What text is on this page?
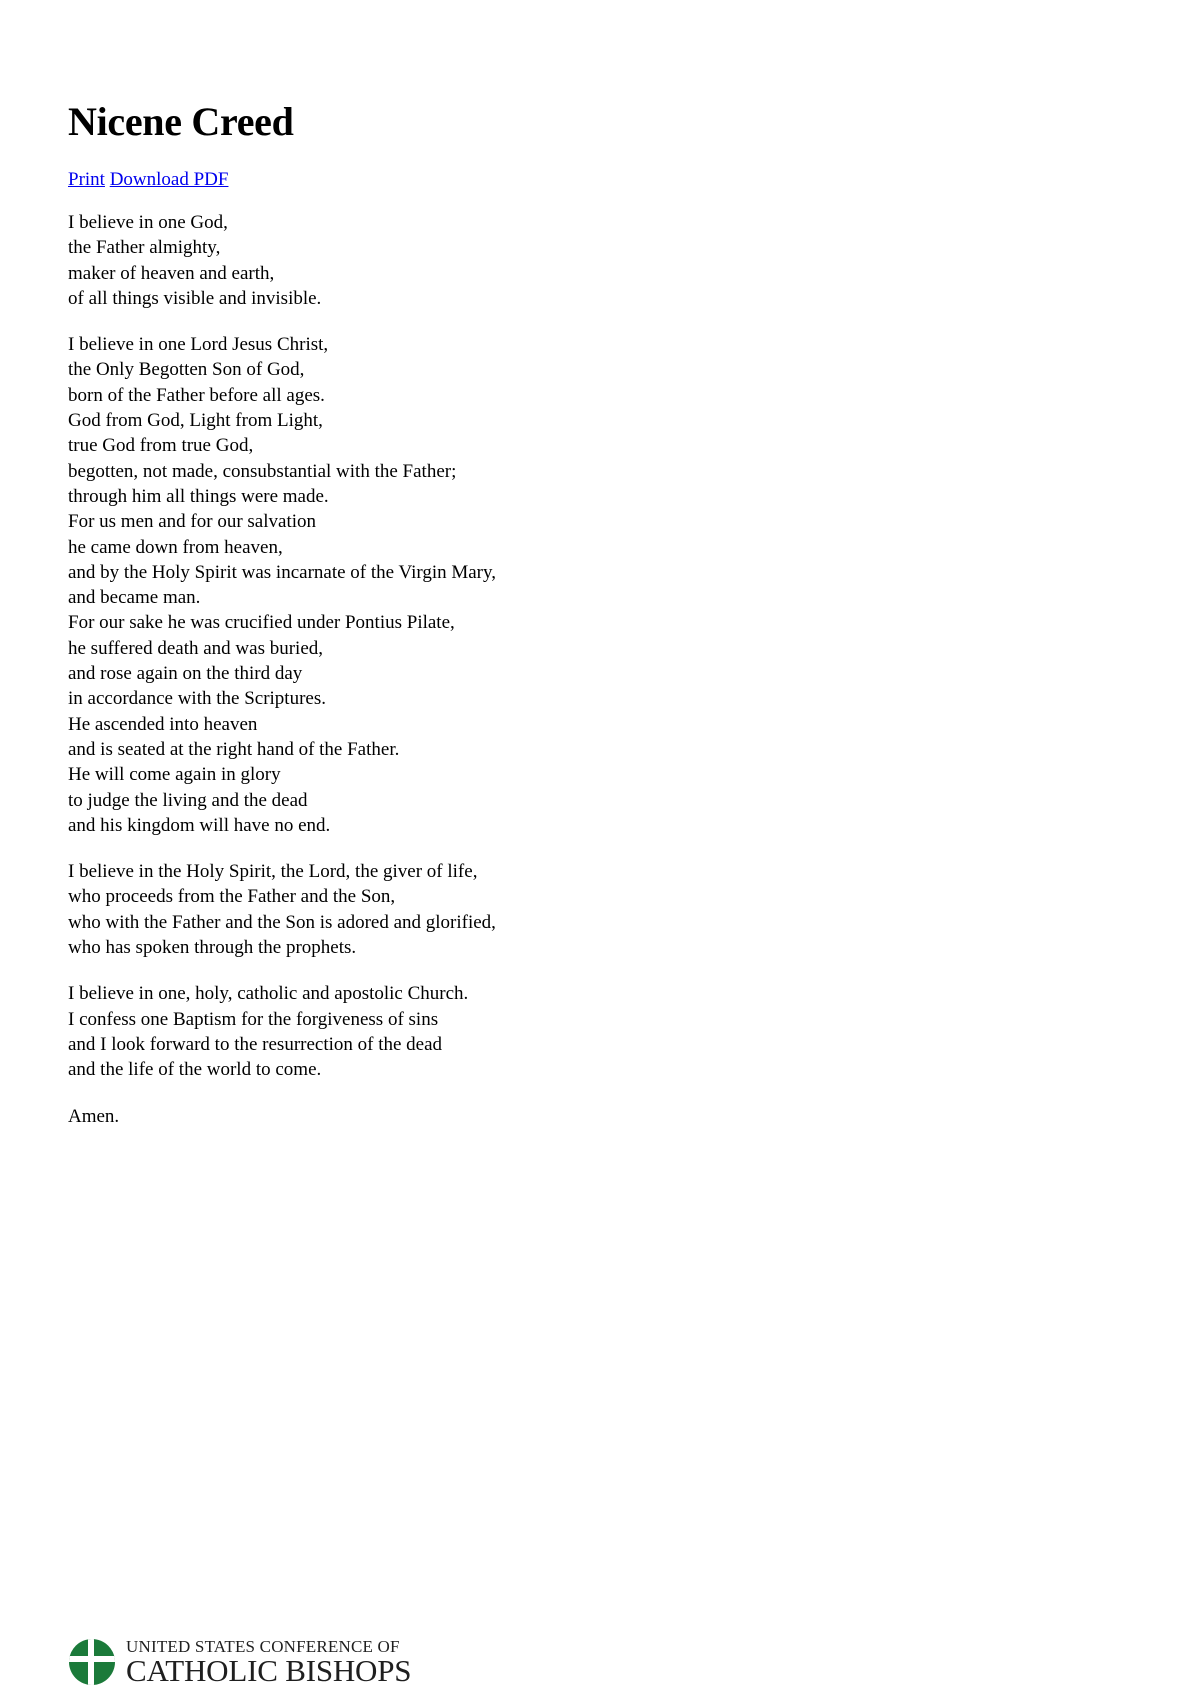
Nicene Creed
Print Download PDF
I believe in one God,
the Father almighty,
maker of heaven and earth,
of all things visible and invisible.
I believe in one Lord Jesus Christ,
the Only Begotten Son of God,
born of the Father before all ages.
God from God, Light from Light,
true God from true God,
begotten, not made, consubstantial with the Father;
through him all things were made.
For us men and for our salvation
he came down from heaven,
and by the Holy Spirit was incarnate of the Virgin Mary,
and became man.
For our sake he was crucified under Pontius Pilate,
he suffered death and was buried,
and rose again on the third day
in accordance with the Scriptures.
He ascended into heaven
and is seated at the right hand of the Father.
He will come again in glory
to judge the living and the dead
and his kingdom will have no end.
I believe in the Holy Spirit, the Lord, the giver of life,
who proceeds from the Father and the Son,
who with the Father and the Son is adored and glorified,
who has spoken through the prophets.
I believe in one, holy, catholic and apostolic Church.
I confess one Baptism for the forgiveness of sins
and I look forward to the resurrection of the dead
and the life of the world to come.
Amen.
UNITED STATES CONFERENCE OF
CATHOLIC BISHOPS
